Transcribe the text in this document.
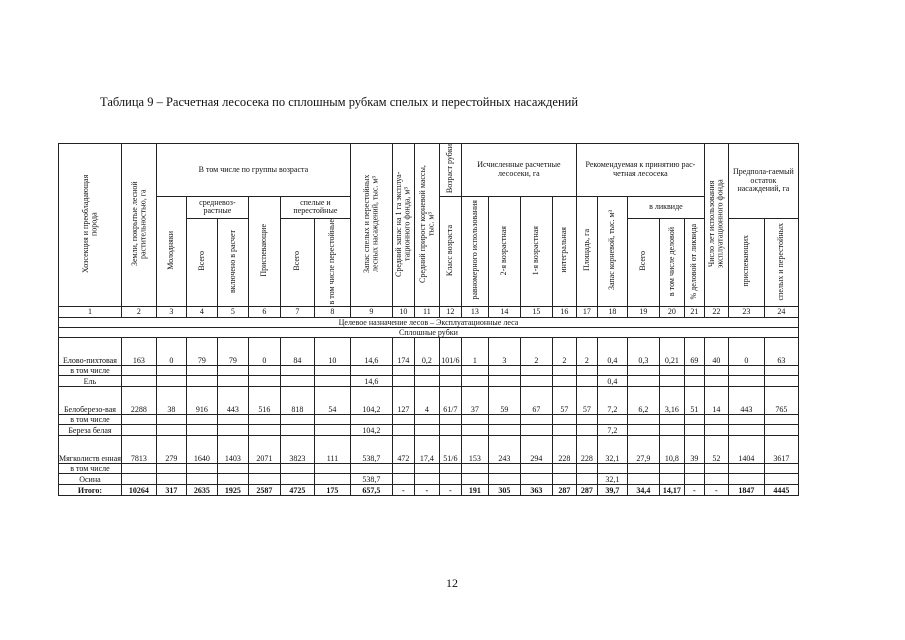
Таблица 9 – Расчетная лесосека по сплошным рубкам спелых и перестойных насаждений
Хозсекция и преобладающая порода	Земли, покрытые лесной растительностью, га	В том числе по группы возраста						Запас спелых и перестойных лесных насаждений, тыс. м³	Средний запас на 1 га эксплуа-тационного фонда, м³	Средний прирост корневой массы, тыс. м³	Возраст рубки	Исчисленные расчетные лесосеки, га				Рекомендуемая к принятию рас-четная лесосека					Число лет использования эксплуатационного фонда	Предпола-гаемый остаток насаждений, га	
		Молодняки	средневоз-растные		Приспевающие	спелые и перестойные					Класс возраста	равномерного использования	2-я возрастная	1-я возрастная	интегральная	Площадь, га	Запас корневой, тыс. м³	в ликвиде					
			Всего	включено в расчет		Всего	в том числе перестойные											Всего	в том числе деловой	% деловой от ликвида		приспевающих	спелых и перестойных
1	2	3	4	5	6	7	8	9	10	11	12	13	14	15	16	17	18	19	20	21	22	23	24
Целевое назначение лесов – Эксплуатационные леса																							
Сплошные рубки																							
Елово-пихтовая	163	0	79	79	0	84	10	14,6	174	0,2	101/6	1	3	2	2	2	0,4	0,3	0,21	69	40	0	63
в том числе																							
Ель								14,6									0,4						
Белоберезо-вая	2288	38	916	443	516	818	54	104,2	127	4	61/7	37	59	67	57	57	7,2	6,2	3,16	51	14	443	765
в том числе																							
Береза белая								104,2									7,2						
Мягколиств енная	7813	279	1640	1403	2071	3823	111	538,7	472	17,4	51/6	153	243	294	228	228	32,1	27,9	10,8	39	52	1404	3617
в том числе																							
Осина								538,7									32,1						
Итого:	10264	317	2635	1925	2587	4725	175	657,5	-	-	-	191	305	363	287	287	39,7	34,4	14,17	-	-	1847	4445
12
